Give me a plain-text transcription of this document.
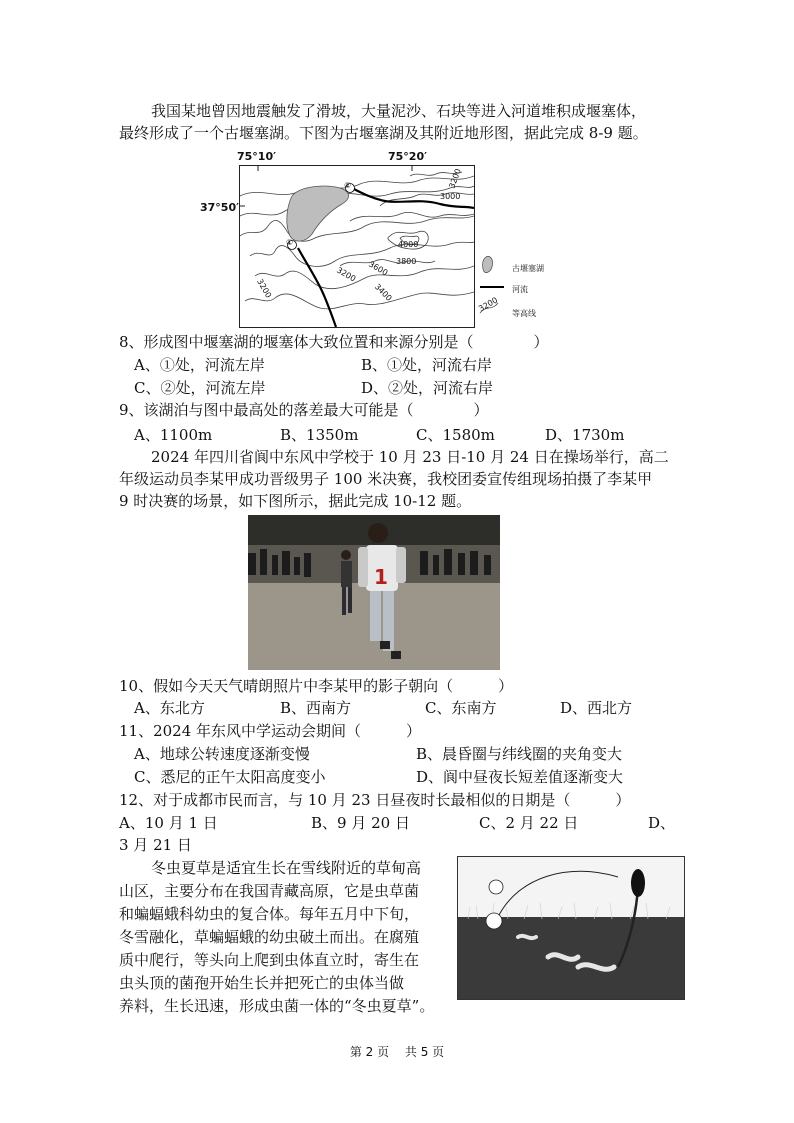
我国某地曾因地震触发了滑坡，大量泥沙、石块等进入河道堆积成堰塞体，
最终形成了一个古堰塞湖。下图为古堰塞湖及其附近地形图，据此完成 8-9 题。
75°10′	75°20′
37°50′
①
②	3200
3000
4000
3800
3600
3400
3200
3200
古堰塞湖
河流
3200
等高线
8、形成图中堰塞湖的堰塞体大致位置和来源分别是（　　　　）
A、①处，河流左岸	B、①处，河流右岸
C、②处，河流左岸	D、②处，河流右岸
9、该湖泊与图中最高处的落差最大可能是（　　　　）
A、1100m	B、1350m	C、1580m	D、1730m
2024 年四川省阆中东风中学校于 10 月 23 日-10 月 24 日在操场举行，高二
年级运动员李某甲成功晋级男子 100 米决赛，我校团委宣传组现场拍摄了李某甲
9 时决赛的场景，如下图所示，据此完成 10-12 题。
1
10、假如今天天气晴朗照片中李某甲的影子朝向（　　　）
A、东北方	B、西南方	C、东南方	D、西北方
11、2024 年东风中学运动会期间（　　　）
A、地球公转速度逐渐变慢	B、晨昏圈与纬线圈的夹角变大
C、悉尼的正午太阳高度变小	D、阆中昼夜长短差值逐渐变大
12、对于成都市民而言，与 10 月 23 日昼夜时长最相似的日期是（　　　）
A、10 月 1 日	B、9 月 20 日	C、2 月 22 日	D、
3 月 21 日
冬虫夏草是适宜生长在雪线附近的草甸高
山区，主要分布在我国青藏高原，它是虫草菌
和蝙蝠蛾科幼虫的复合体。每年五月中下旬，
冬雪融化，草蝙蝠蛾的幼虫破土而出。在腐殖
质中爬行，等头向上爬到虫体直立时，寄生在
虫头顶的菌孢开始生长并把死亡的虫体当做
养料，生长迅速，形成虫菌一体的“冬虫夏草”。
第 2 页　 共 5 页
